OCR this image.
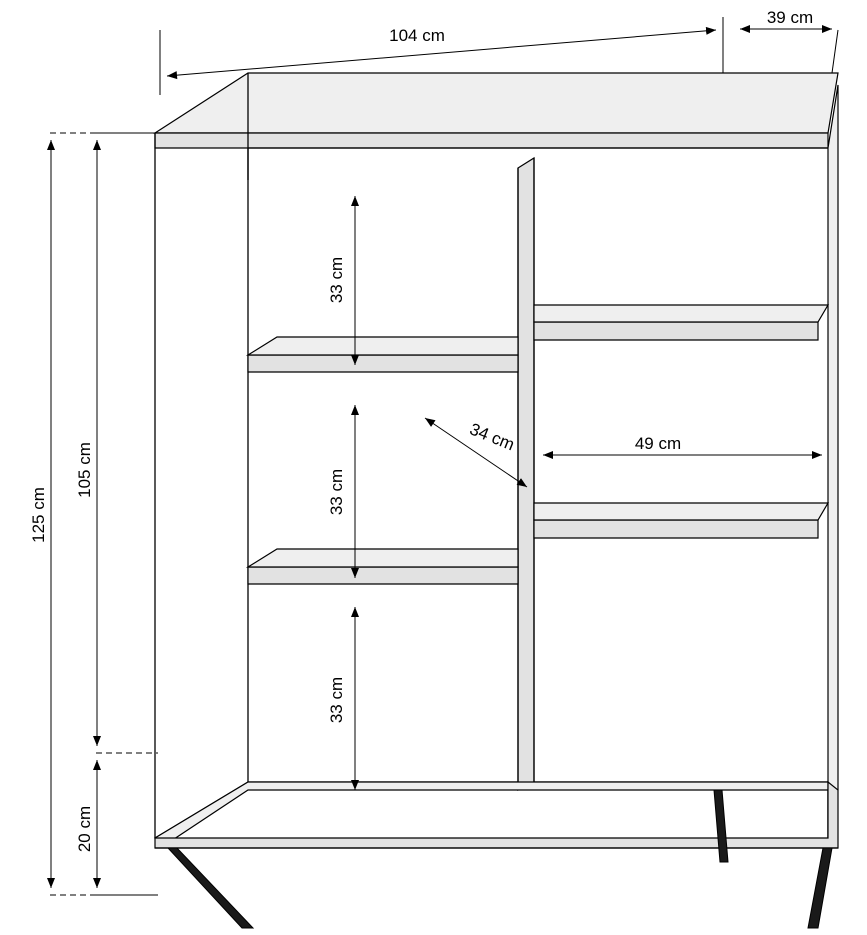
104 cm
39 cm
125 cm
105 cm
20 cm
33 cm
33 cm
33 cm
34 cm	49 cm
